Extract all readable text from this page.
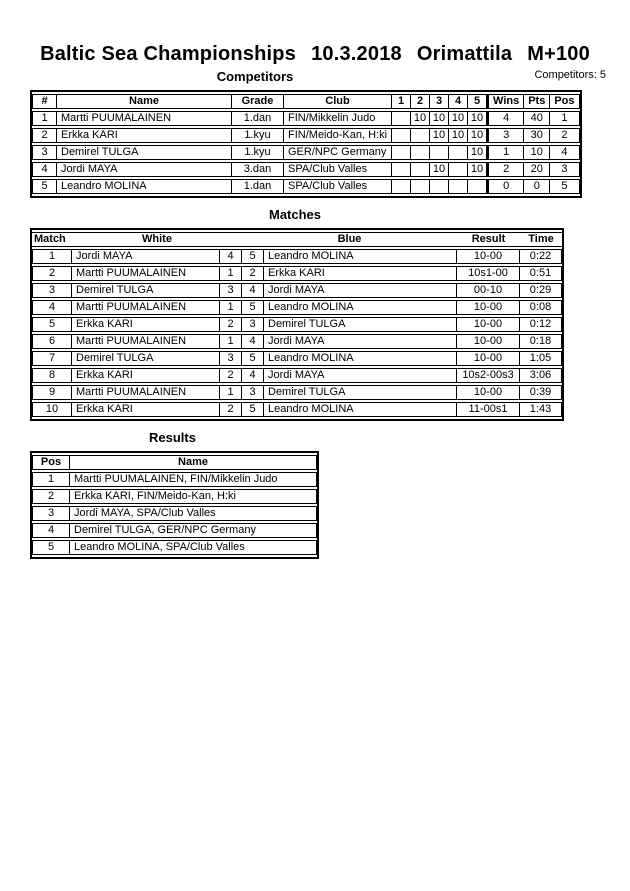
Baltic Sea Championships 10.3.2018 Orimattila M+100
Competitors: 5
Competitors
#	Name	Grade	Club	1	2	3	4	5	Wins	Pts	Pos
1	Martti PUUMALAINEN	1.dan	FIN/Mikkelin Judo		10	10	10	10	4	40	1
2	Erkka KARI	1.kyu	FIN/Meido-Kan, H:ki			10	10	10	3	30	2
3	Demirel TULGA	1.kyu	GER/NPC Germany					10	1	10	4
4	Jordi MAYA	3.dan	SPA/Club Valles			10		10	2	20	3
5	Leandro MOLINA	1.dan	SPA/Club Valles						0	0	5
Matches
Match	White		Blue		Result	Time
1	Jordi MAYA	4	5	Leandro MOLINA	10-00	0:22
2	Martti PUUMALAINEN	1	2	Erkka KARI	10s1-00	0:51
3	Demirel TULGA	3	4	Jordi MAYA	00-10	0:29
4	Martti PUUMALAINEN	1	5	Leandro MOLINA	10-00	0:08
5	Erkka KARI	2	3	Demirel TULGA	10-00	0:12
6	Martti PUUMALAINEN	1	4	Jordi MAYA	10-00	0:18
7	Demirel TULGA	3	5	Leandro MOLINA	10-00	1:05
8	Erkka KARI	2	4	Jordi MAYA	10s2-00s3	3:06
9	Martti PUUMALAINEN	1	3	Demirel TULGA	10-00	0:39
10	Erkka KARI	2	5	Leandro MOLINA	11-00s1	1:43
Results
Pos	Name
1	Martti PUUMALAINEN, FIN/Mikkelin Judo
2	Erkka KARI, FIN/Meido-Kan, H:ki
3	Jordi MAYA, SPA/Club Valles
4	Demirel TULGA, GER/NPC Germany
5	Leandro MOLINA, SPA/Club Valles
